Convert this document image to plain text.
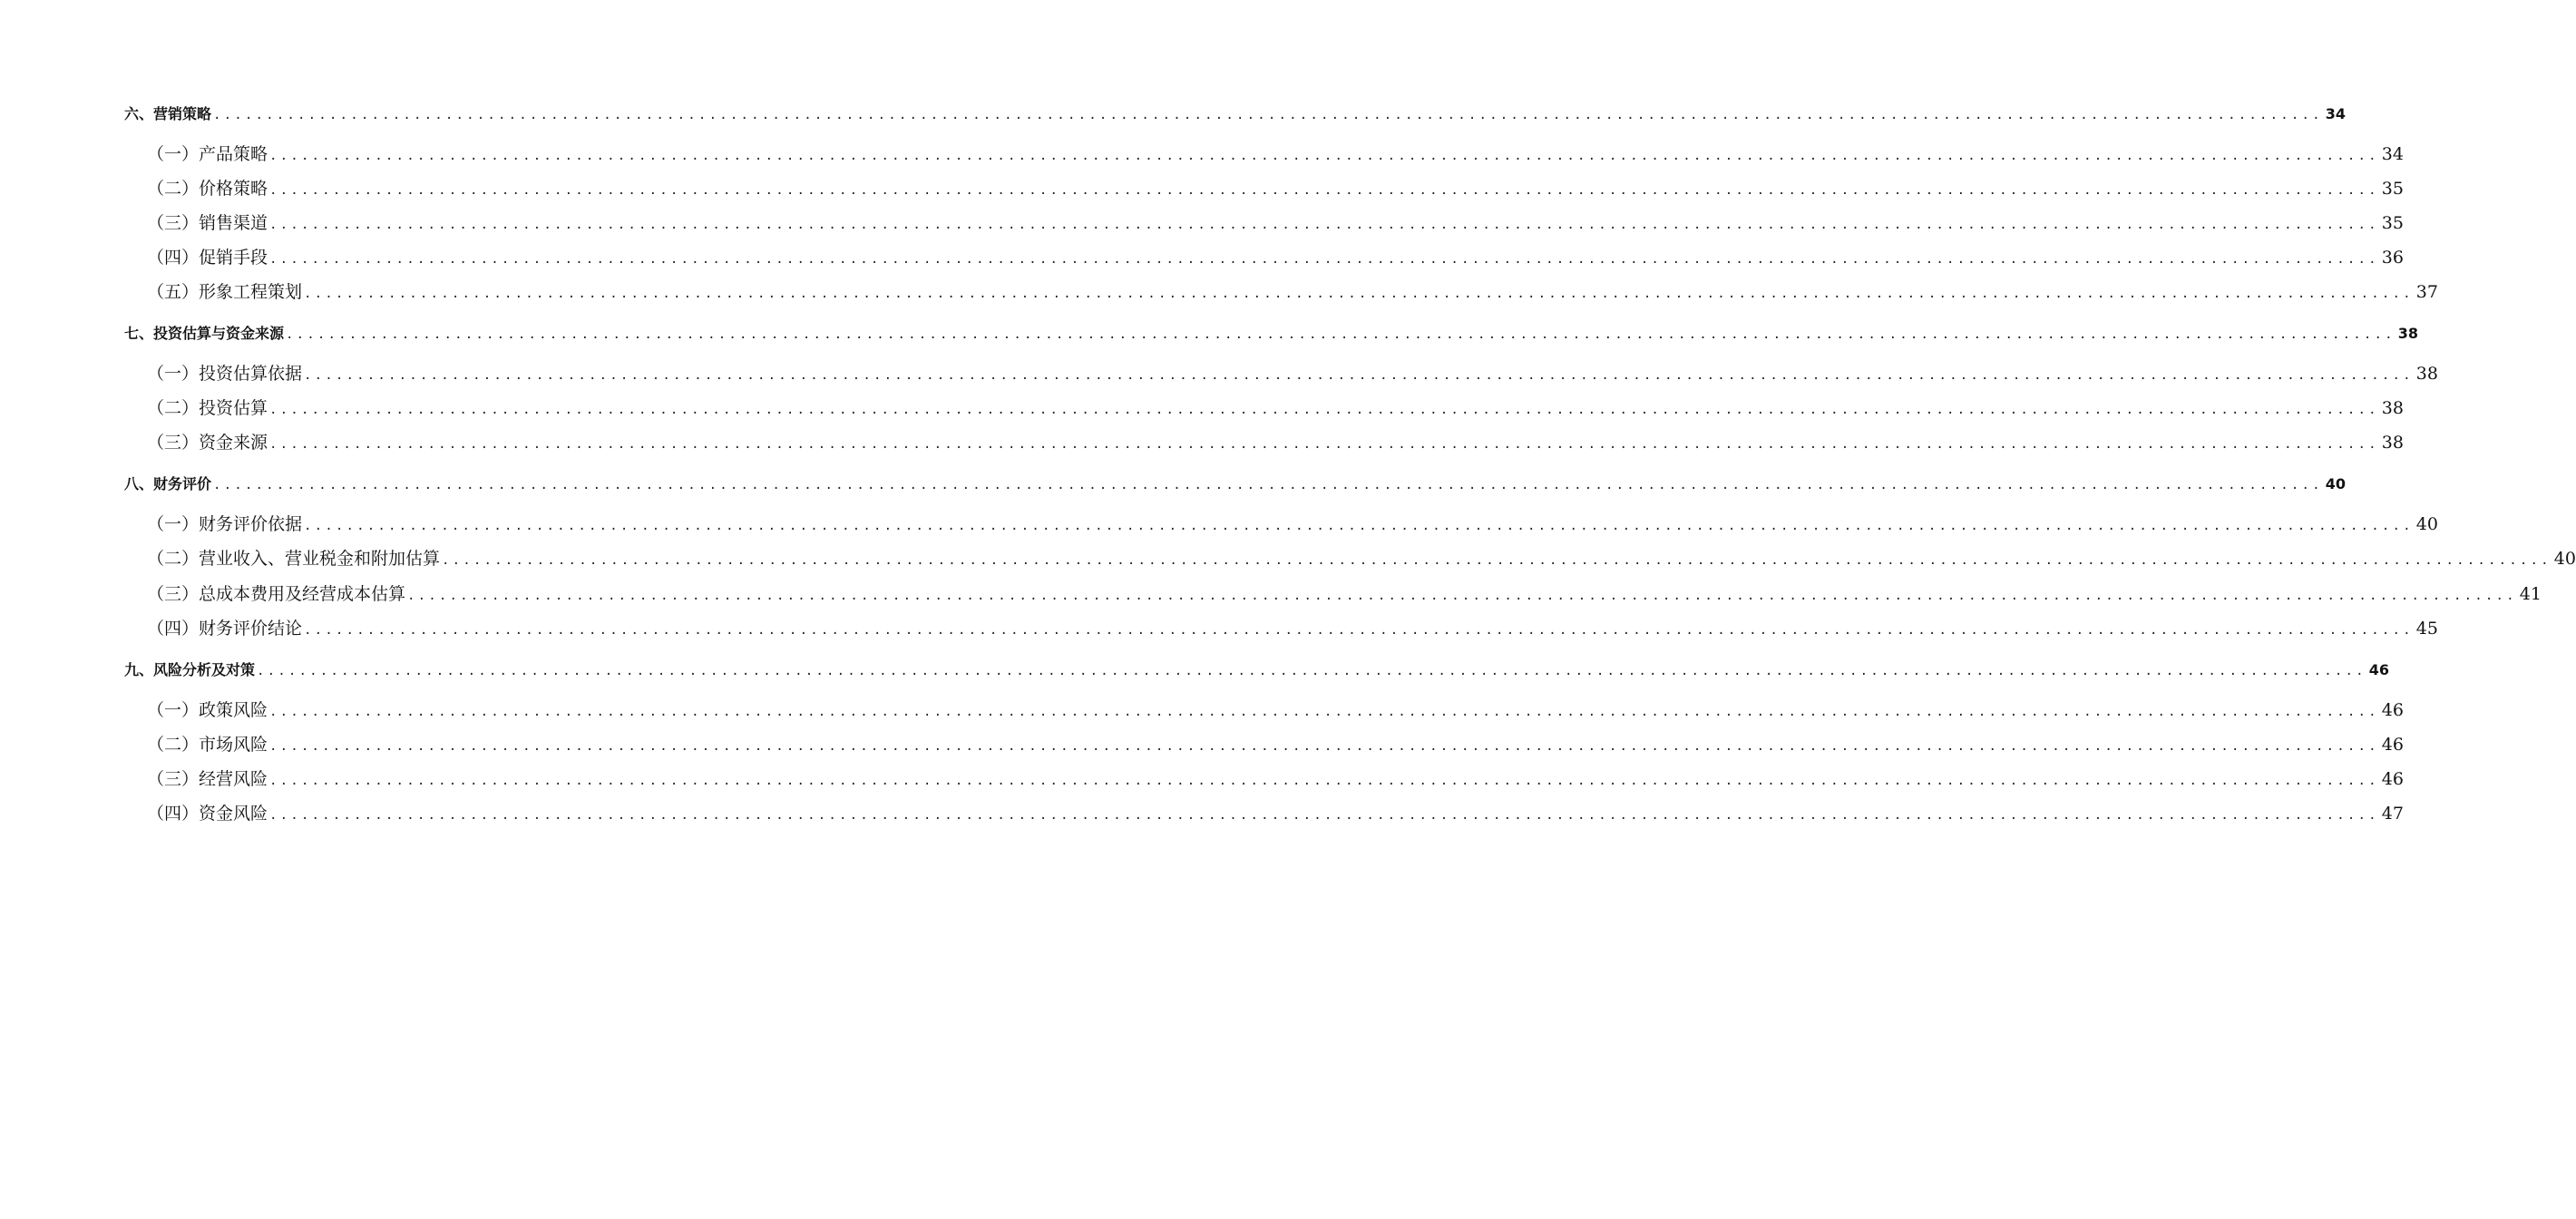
六、营销策略 ........................................................................................................................................................................................................ 34
（一）产品策略 ........................................................................................................................................................................................................ 34
（二）价格策略 ........................................................................................................................................................................................................ 35
（三）销售渠道 ........................................................................................................................................................................................................ 35
（四）促销手段 ........................................................................................................................................................................................................ 36
（五）形象工程策划 ........................................................................................................................................................................................................ 37
七、投资估算与资金来源 ........................................................................................................................................................................................................ 38
（一）投资估算依据 ........................................................................................................................................................................................................ 38
（二）投资估算 ........................................................................................................................................................................................................ 38
（三）资金来源 ........................................................................................................................................................................................................ 38
八、财务评价 ........................................................................................................................................................................................................ 40
（一）财务评价依据 ........................................................................................................................................................................................................ 40
（二）营业收入、营业税金和附加估算 ........................................................................................................................................................................................................ 40
（三）总成本费用及经营成本估算 ........................................................................................................................................................................................................ 41
（四）财务评价结论 ........................................................................................................................................................................................................ 45
九、风险分析及对策 ........................................................................................................................................................................................................ 46
（一）政策风险 ........................................................................................................................................................................................................ 46
（二）市场风险 ........................................................................................................................................................................................................ 46
（三）经营风险 ........................................................................................................................................................................................................ 46
（四）资金风险 ........................................................................................................................................................................................................ 47
